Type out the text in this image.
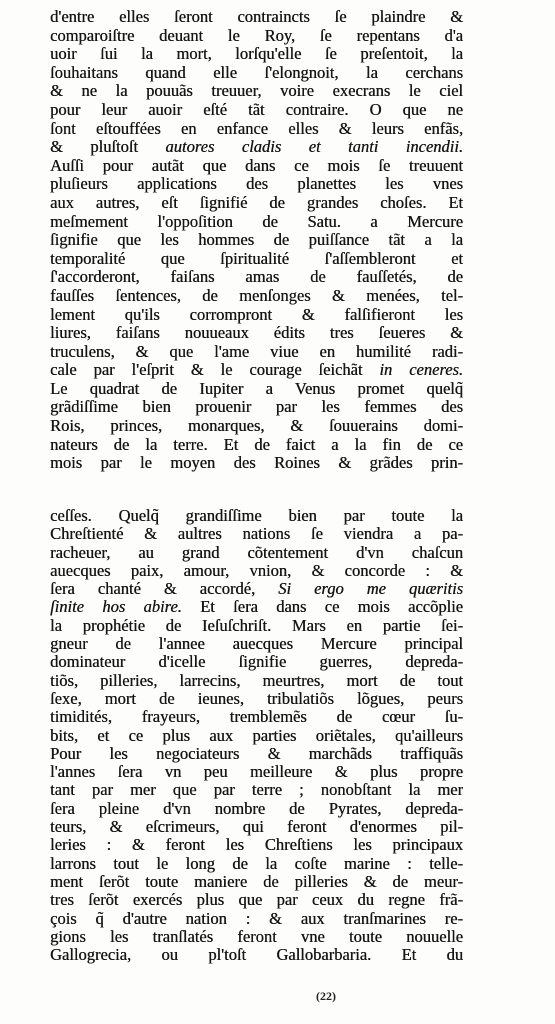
d'entre elles ſeront contraincts ſe plaindre &
comparoiſtre deuant le Roy, ſe repentans d'a
uoir ſui la mort, lorſqu'elle ſe preſentoit, la
ſouhaitans quand elle ſ'elongnoit, la cerchans
& ne la pouuãs treuuer, voire execrans le ciel
pour leur auoir eſté tãt contraire. O que ne
ſont eſtouffées en enfance elles & leurs enfãs,
& pluſtoſt autores cladis et tanti incendii.
Auſſi pour autãt que dans ce mois ſe treuuent
pluſieurs applications des planettes les vnes
aux autres, eſt ſignifié de grandes choſes. Et
meſmement l'oppoſition de Satu. a Mercure
ſignifie que les hommes de puiſſance tãt a la
temporalité que ſpiritualité ſ'aſſembleront et
ſ'accorderont, faiſans amas de fauſſetés, de
fauſſes ſentences, de menſonges & menées, tel-
lement qu'ils corrompront & falſifieront les
liures, faiſans nouueaux édits tres ſeueres &
truculens, & que l'ame viue en humilité radi-
cale par l'eſprit & le courage ſeichãt in ceneres.
Le quadrat de Iupiter a Venus promet quelq̃
grãdiſſime bien prouenir par les femmes des
Rois, princes, monarques, & ſouuerains domi-
nateurs de la terre. Et de faict a la fin de ce
mois par le moyen des Roines & grãdes prin-
ceſſes. Quelq̃ grandiſſime bien par toute la
Chreſtienté & aultres nations ſe viendra a pa-
racheuer, au grand cõtentement d'vn chaſcun
auecques paix, amour, vnion, & concorde : &
ſera chanté & accordé, Si ergo me quæritis
ſinite hos abire. Et ſera dans ce mois accõplie
la prophétie de Ieſuſchriſt. Mars en partie ſei-
gneur de l'annee auecques Mercure principal
dominateur d'icelle ſignifie guerres, depreda-
tiõs, pilleries, larrecins, meurtres, mort de tout
ſexe, mort de ieunes, tribulatiõs lõgues, peurs
timidités, frayeurs, tremblemẽs de cœur ſu-
bits, et ce plus aux parties oriẽtales, qu'ailleurs
Pour les negociateurs & marchãds traffiquãs
l'annes ſera vn peu meilleure & plus propre
tant par mer que par terre ; nonobſtant la mer
ſera pleine d'vn nombre de Pyrates, depreda-
teurs, & eſcrimeurs, qui feront d'enormes pil-
leries : & feront les Chreſtiens les principaux
larrons tout le long de la coſte marine : telle-
ment ſerõt toute maniere de pilleries & de meur-
tres ſerõt exercés plus que par ceux du regne frã-
çois q̃ d'autre nation : & aux tranſmarines re-
gions les tranſlatés feront vne toute nouuelle
Gallogrecia, ou pl'toſt Gallobarbaria. Et du
(22)
